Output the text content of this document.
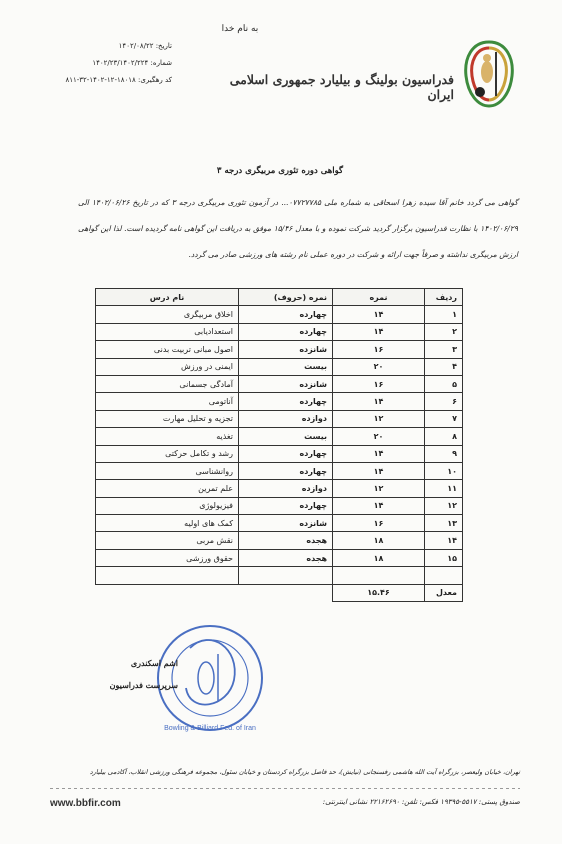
به نام خدا
فدراسیون بولینگ و بیلیارد جمهوری اسلامی ایران
تاریخ: ۱۴۰۲/۰۸/۲۲
شماره: ۱۴۰۲/۲۳/۱۴۰۲/۲۲۴
کد رهگیری: ۱۸۰۱۸-۱۲-۱۴۰۲-۳۲-۸۱۱
گواهی دوره تئوری مربیگری درجه ۳
گواهی می گردد خانم آقا سیده زهرا اسحاقی به شماره ملی ۰۷۷۲۷۷۸۵... در آزمون تئوری مربیگری درجه ۳ که در تاریخ ۱۴۰۲/۰۶/۲۶ الی ۱۴۰۲/۰۶/۲۹ با نظارت فدراسیون برگزار گردید شرکت نموده و با معدل ۱۵/۴۶ موفق به دریافت این گواهی نامه گردیده است. لذا این گواهی ارزش مربیگری نداشته و صرفاً جهت ارائه و شرکت در دوره عملی نام رشته های ورزشی صادر می گردد.
ردیف	نمره	نمره (حروف)	نام درس
۱	۱۴	چهارده	اخلاق مربیگری
۲	۱۴	چهارده	استعدادیابی
۳	۱۶	شانزده	اصول مبانی تربیت بدنی
۴	۲۰	بیست	ایمنی در ورزش
۵	۱۶	شانزده	آمادگی جسمانی
۶	۱۴	چهارده	آناتومی
۷	۱۲	دوازده	تجزیه و تحلیل مهارت
۸	۲۰	بیست	تغذیه
۹	۱۴	چهارده	رشد و تکامل حرکتی
۱۰	۱۴	چهارده	روانشناسی
۱۱	۱۲	دوازده	علم تمرین
۱۲	۱۴	چهارده	فیزیولوژی
۱۳	۱۶	شانزده	کمک های اولیه
۱۴	۱۸	هجده	نقش مربی
۱۵	۱۸	هجده	حقوق ورزشی

معدل	۱۵.۴۶		
Bowling & Billiard Fed. of Iran
اشم اسکندری
سرپرست فدراسیون
تهران، خیابان ولیعصر، بزرگراه آیت الله هاشمی رفسنجانی (نیایش)، حد فاصل بزرگراه کردستان و خیابان سئول، مجموعه فرهنگی ورزشی انقلاب، آکادمی بیلیارد
www.bbfir.com	صندوق پستی: ۵۵۱۷-۱۹۳۹۵ فکس: تلفن: ۲۲۱۶۲۶۹۰ نشانی اینترنتی:
